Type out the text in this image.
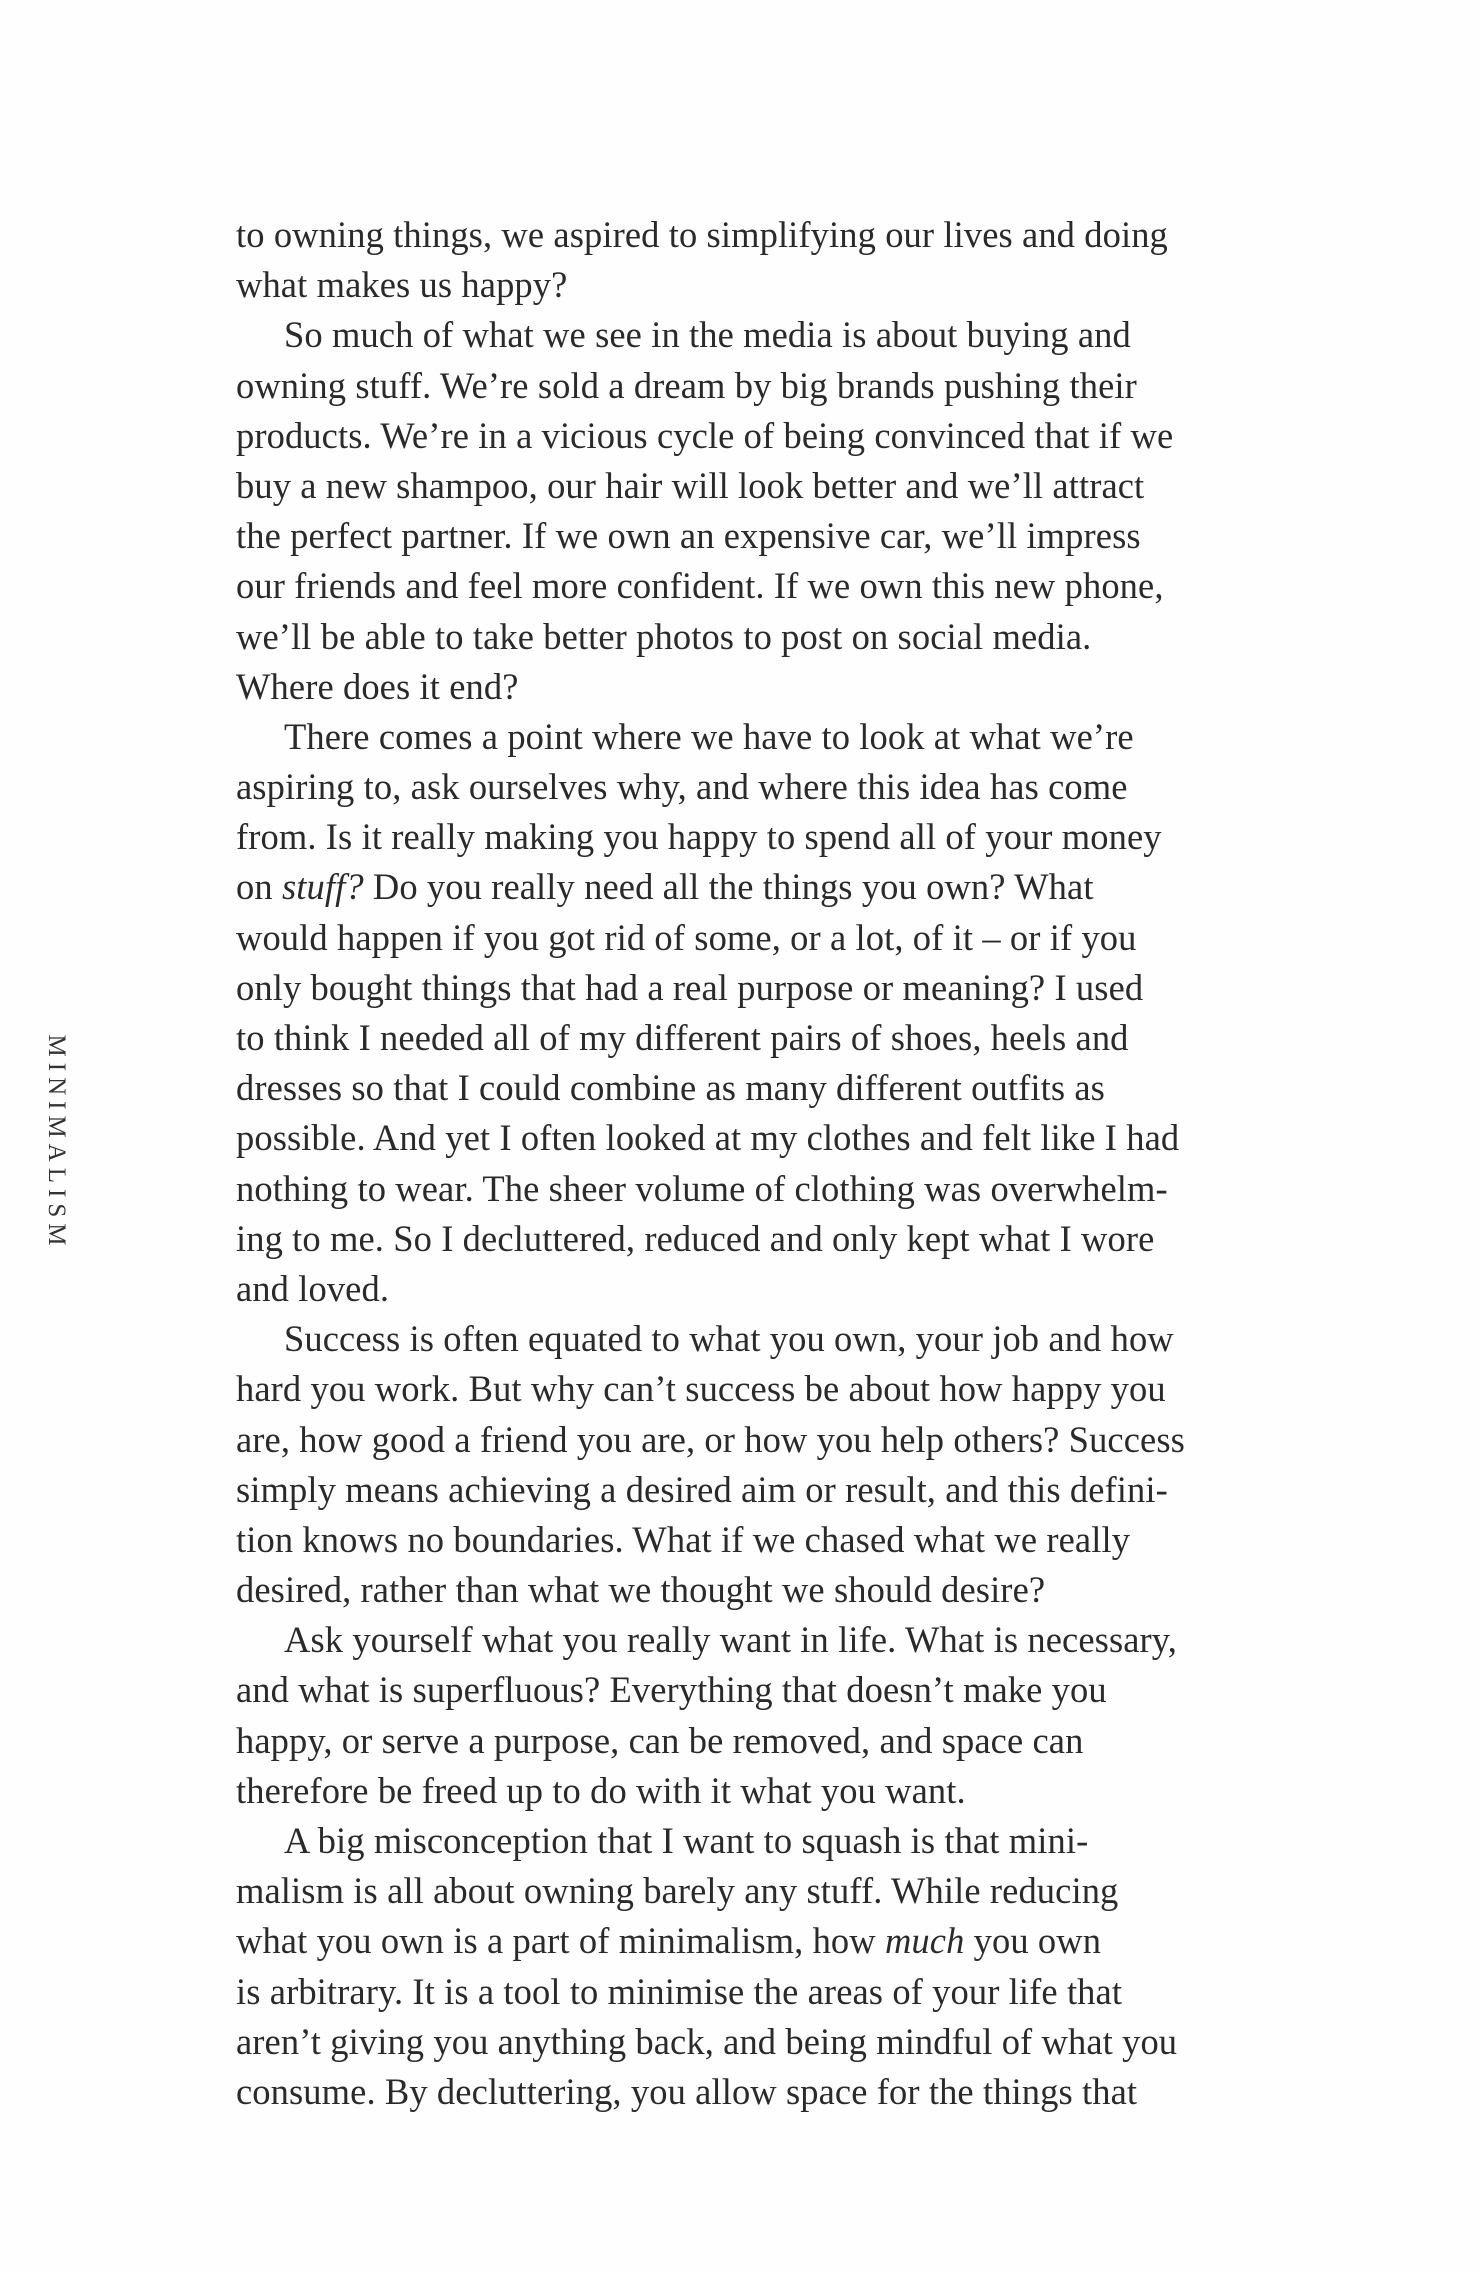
MINIMALISM
to owning things, we aspired to simplifying our lives and doing
what makes us happy?
So much of what we see in the media is about buying and
owning stuff. We’re sold a dream by big brands pushing their
products. We’re in a vicious cycle of being convinced that if we
buy a new shampoo, our hair will look better and we’ll attract
the perfect partner. If we own an expensive car, we’ll impress
our friends and feel more confident. If we own this new phone,
we’ll be able to take better photos to post on social media.
Where does it end?
There comes a point where we have to look at what we’re
aspiring to, ask ourselves why, and where this idea has come
from. Is it really making you happy to spend all of your money
on stuff? Do you really need all the things you own? What
would happen if you got rid of some, or a lot, of it – or if you
only bought things that had a real purpose or meaning? I used
to think I needed all of my different pairs of shoes, heels and
dresses so that I could combine as many different outfits as
possible. And yet I often looked at my clothes and felt like I had
nothing to wear. The sheer volume of clothing was overwhelm-
ing to me. So I decluttered, reduced and only kept what I wore
and loved.
Success is often equated to what you own, your job and how
hard you work. But why can’t success be about how happy you
are, how good a friend you are, or how you help others? Success
simply means achieving a desired aim or result, and this defini-
tion knows no boundaries. What if we chased what we really
desired, rather than what we thought we should desire?
Ask yourself what you really want in life. What is necessary,
and what is superfluous? Everything that doesn’t make you
happy, or serve a purpose, can be removed, and space can
therefore be freed up to do with it what you want.
A big misconception that I want to squash is that mini-
malism is all about owning barely any stuff. While reducing
what you own is a part of minimalism, how much you own
is arbitrary. It is a tool to minimise the areas of your life that
aren’t giving you anything back, and being mindful of what you
consume. By decluttering, you allow space for the things that
